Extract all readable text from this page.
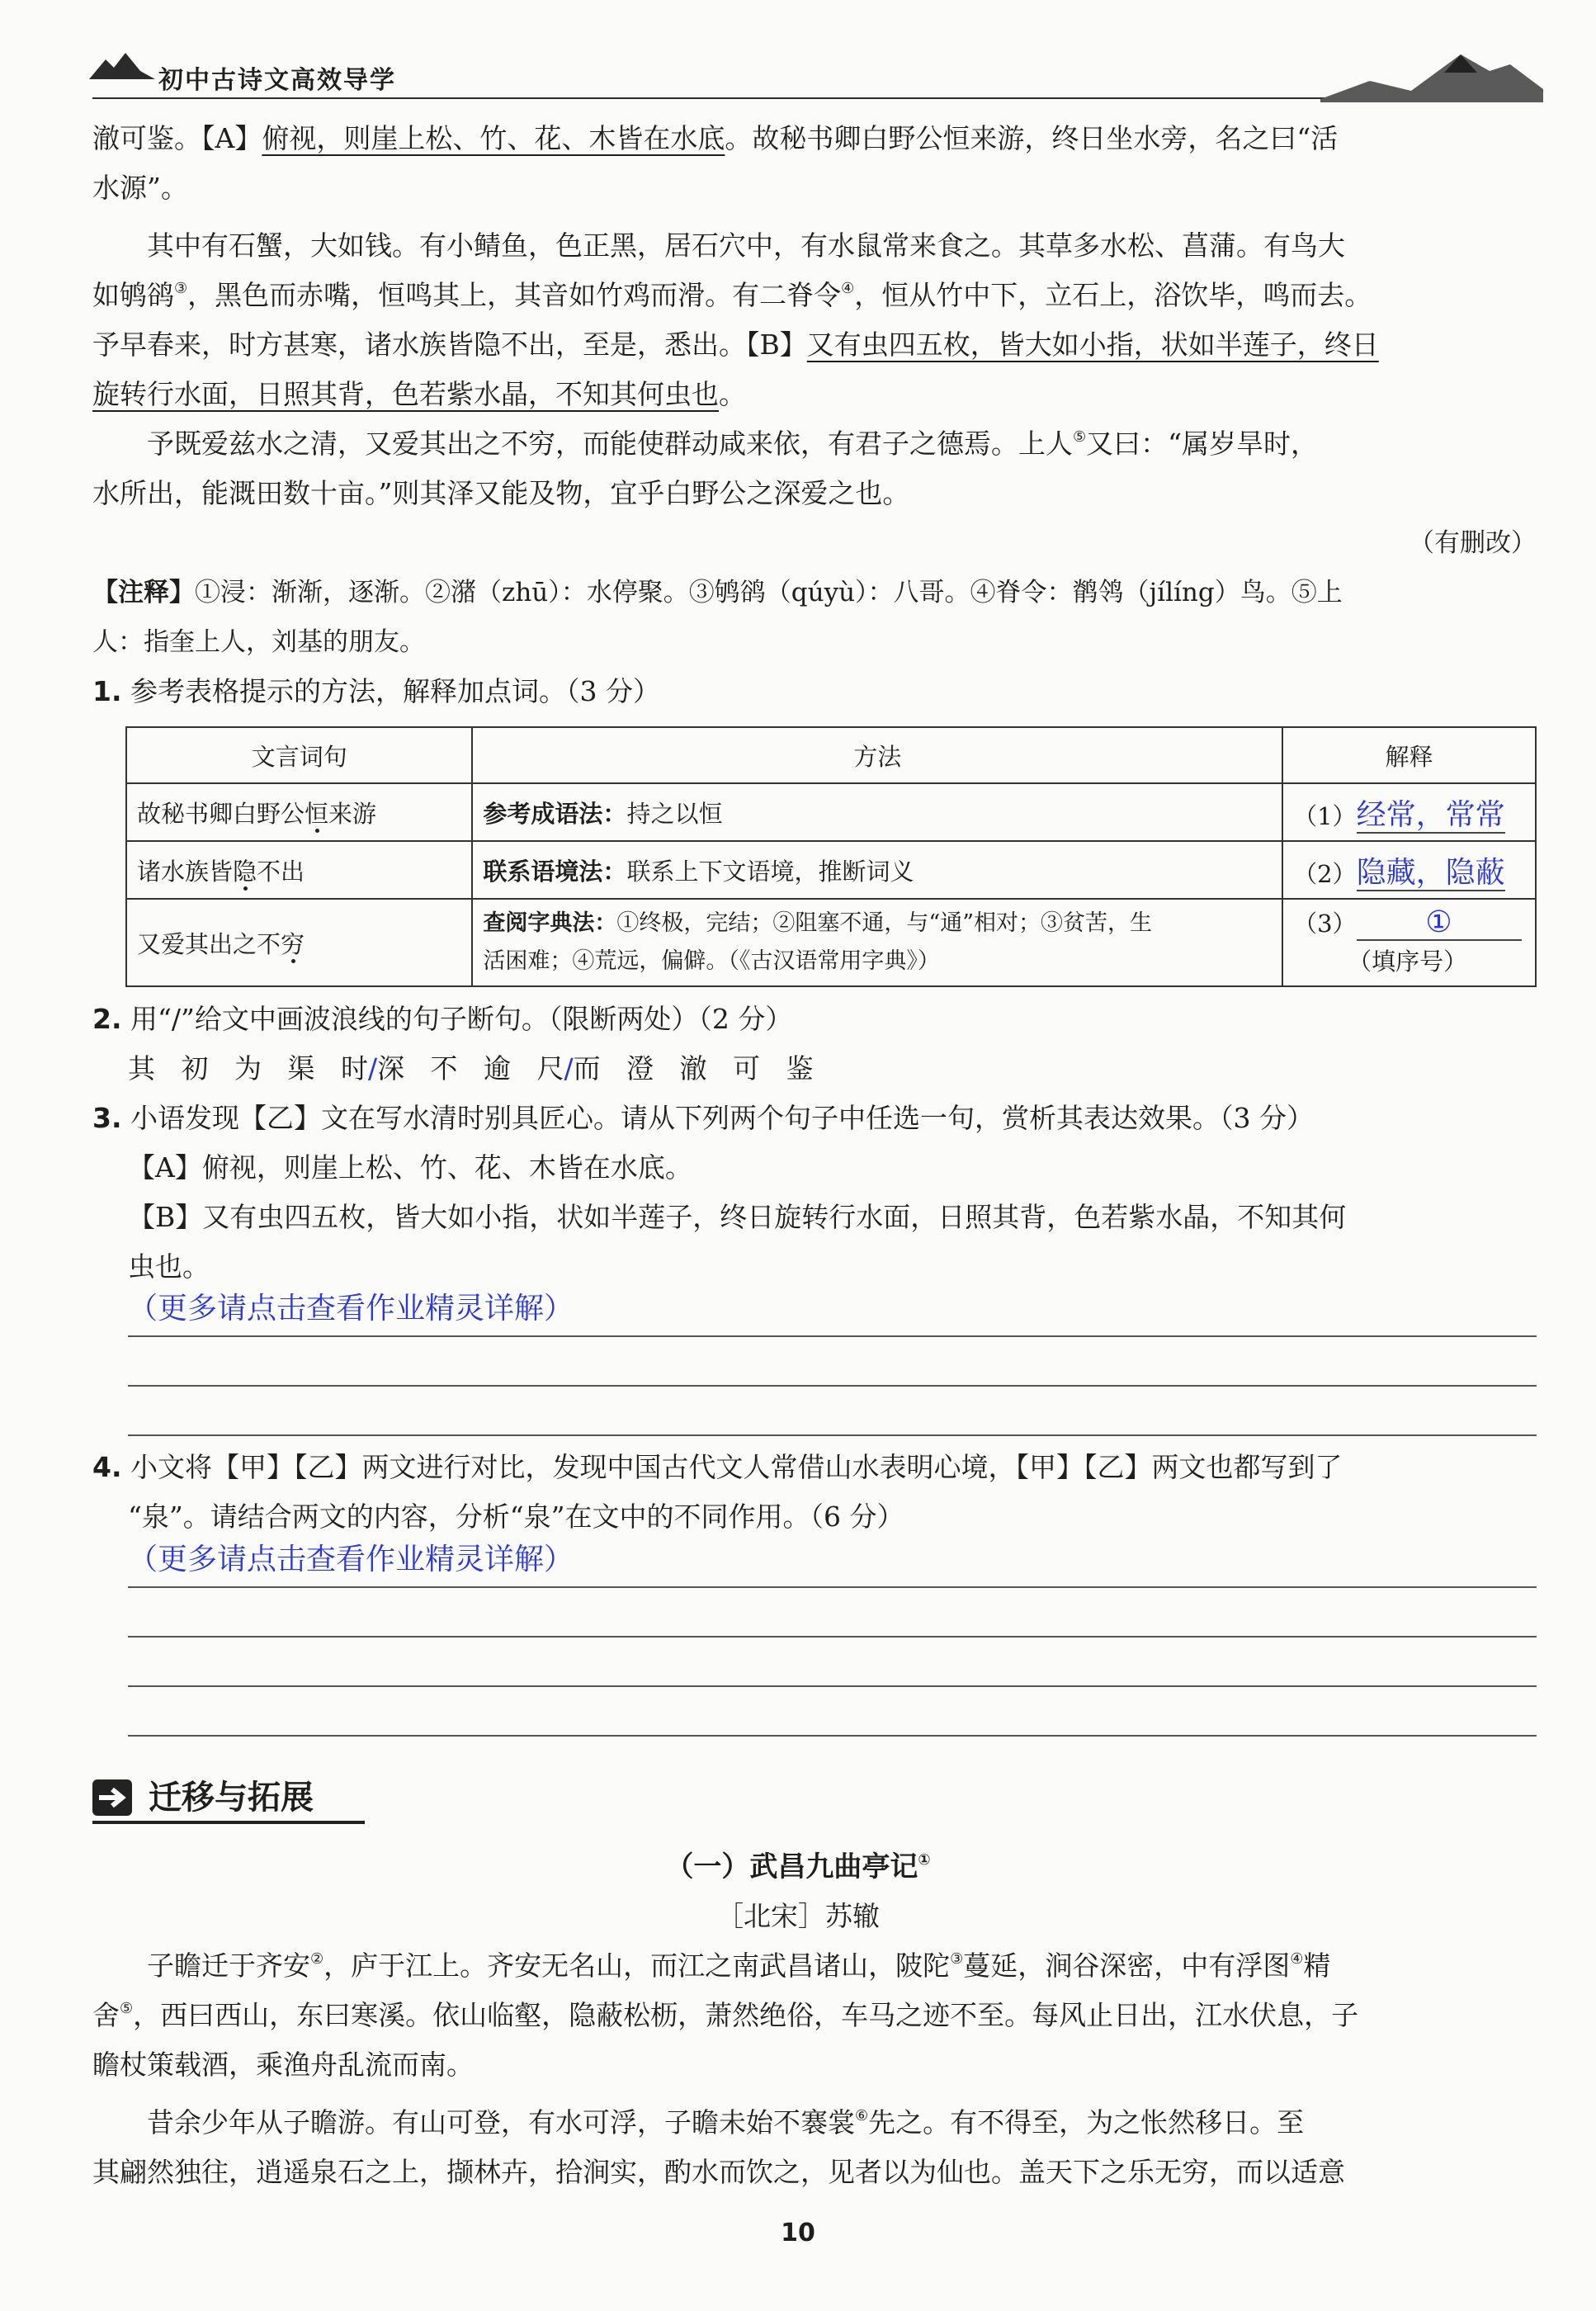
初中古诗文高效导学
澈可鉴。【A】俯视，则崖上松、竹、花、木皆在水底。故秘书卿白野公恒来游，终日坐水旁，名之曰“活
水源”。
其中有石蟹，大如钱。有小鲭鱼，色正黑，居石穴中，有水鼠常来食之。其草多水松、菖蒲。有鸟大
如鸲鹆③，黑色而赤嘴，恒鸣其上，其音如竹鸡而滑。有二脊令④，恒从竹中下，立石上，浴饮毕，鸣而去。
予早春来，时方甚寒，诸水族皆隐不出，至是，悉出。【B】又有虫四五枚，皆大如小指，状如半莲子，终日
旋转行水面，日照其背，色若紫水晶，不知其何虫也。
予既爱兹水之清，又爱其出之不穷，而能使群动咸来依，有君子之德焉。上人⑤又曰：“属岁旱时，
水所出，能溉田数十亩。”则其泽又能及物，宜乎白野公之深爱之也。
（有删改）
【注释】①浸：渐渐，逐渐。②潴（zhū）：水停聚。③鸲鹆（qúyù）：八哥。④脊令：鹡鸰（jílíng）鸟。⑤上
人：指奎上人，刘基的朋友。
1. 参考表格提示的方法，解释加点词。（3 分）
文言词句	方法	解释
故秘书卿白野公恒来游	参考成语法：持之以恒	（1）经常，常常
诸水族皆隐不出	联系语境法：联系上下文语境，推断词义	（2）隐藏，隐蔽
又爱其出之不穷	查阅字典法：①终极，完结；②阻塞不通，与“通”相对；③贫苦，生
活困难；④荒远，偏僻。（《古汉语常用字典》）	（3） ①
（填序号）
2. 用“/”给文中画波浪线的句子断句。（限断两处）（2 分）
其 初 为 渠 时/深 不 逾 尺/而 澄 澈 可 鉴
3. 小语发现【乙】文在写水清时别具匠心。请从下列两个句子中任选一句，赏析其表达效果。（3 分）
【A】俯视，则崖上松、竹、花、木皆在水底。
【B】又有虫四五枚，皆大如小指，状如半莲子，终日旋转行水面，日照其背，色若紫水晶，不知其何
虫也。
（更多请点击查看作业精灵详解）
4. 小文将【甲】【乙】两文进行对比，发现中国古代文人常借山水表明心境，【甲】【乙】两文也都写到了
“泉”。请结合两文的内容，分析“泉”在文中的不同作用。（6 分）
（更多请点击查看作业精灵详解）
迁移与拓展
（一）武昌九曲亭记①
［北宋］苏辙
子瞻迁于齐安②，庐于江上。齐安无名山，而江之南武昌诸山，陂陀③蔓延，涧谷深密，中有浮图④精
舍⑤，西曰西山，东曰寒溪。依山临壑，隐蔽松枥，萧然绝俗，车马之迹不至。每风止日出，江水伏息，子
瞻杖策载酒，乘渔舟乱流而南。
昔余少年从子瞻游。有山可登，有水可浮，子瞻未始不褰裳⑥先之。有不得至，为之怅然移日。至
其翩然独往，逍遥泉石之上，撷林卉，拾涧实，酌水而饮之，见者以为仙也。盖天下之乐无穷，而以适意
10
